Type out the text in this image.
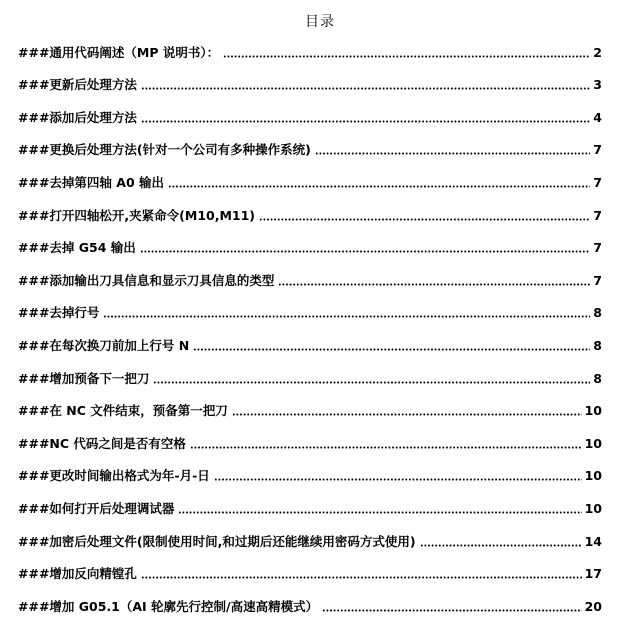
目录
###通用代码阐述（MP 说明书）：	2
###更新后处理方法	3
###添加后处理方法	4
###更换后处理方法(针对一个公司有多种操作系统)	7
###去掉第四轴 A0 输出	7
###打开四轴松开,夹紧命令(M10,M11)	7
###去掉 G54 输出	7
###添加输出刀具信息和显示刀具信息的类型	7
###去掉行号	8
###在每次换刀前加上行号 N	8
###增加预备下一把刀	8
###在 NC 文件结束，预备第一把刀	10
###NC 代码之间是否有空格	10
###更改时间输出格式为年-月-日	10
###如何打开后处理调试器	10
###加密后处理文件(限制使用时间,和过期后还能继续用密码方式使用)	14
###增加反向精镗孔	17
###增加 G05.1（AI 轮廓先行控制/高速高精模式）	20
